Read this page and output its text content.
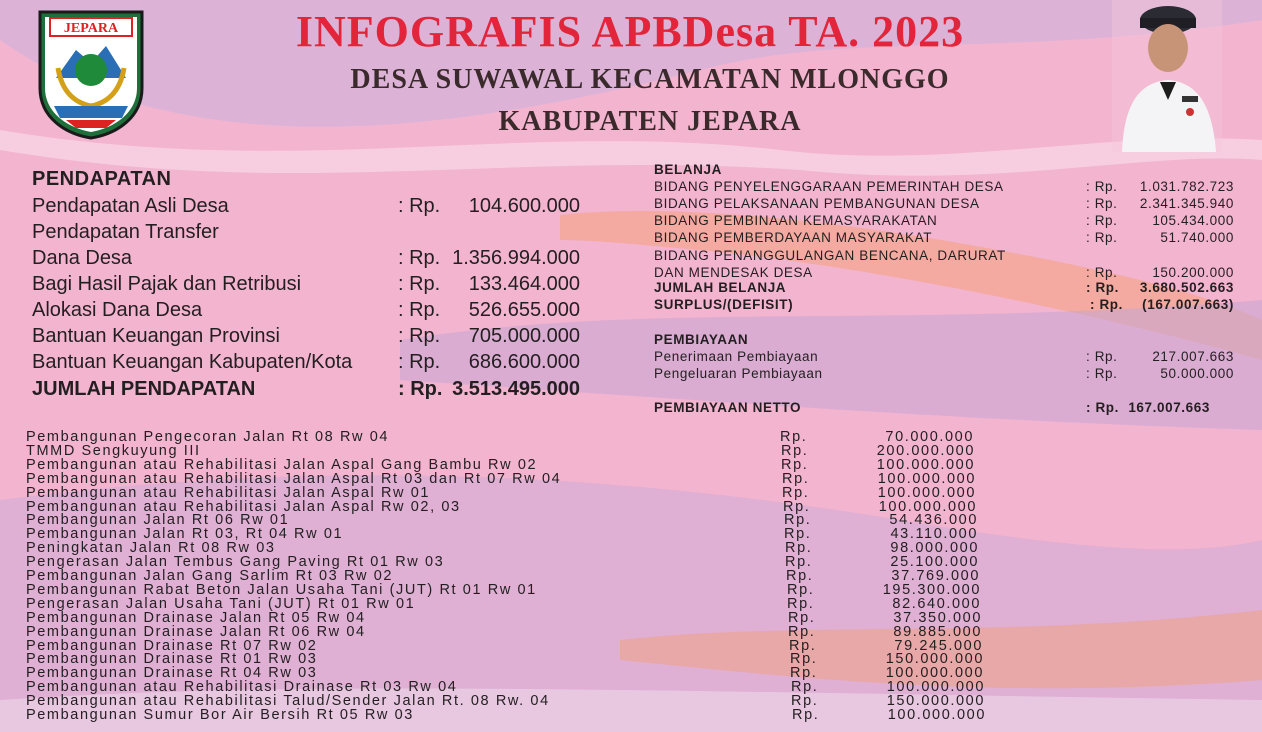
JEPARA	INFOGRAFIS APBDesa TA. 2023
DESA SUWAWAL KECAMATAN MLONGGO
KABUPATEN JEPARA
PENDAPATAN
Pendapatan Asli Desa	: Rp. 104.600.000
Pendapatan Transfer
Dana Desa	: Rp. 1.356.994.000
Bagi Hasil Pajak dan Retribusi	: Rp. 133.464.000
Alokasi Dana Desa	: Rp. 526.655.000
Bantuan Keuangan Provinsi	: Rp. 705.000.000
Bantuan Keuangan Kabupaten/Kota : Rp. 686.600.000
JUMLAH PENDAPATAN	: Rp. 3.513.495.000
BELANJA
BIDANG PENYELENGGARAAN PEMERINTAH DESA	: Rp. 1.031.782.723
BIDANG PELAKSANAAN PEMBANGUNAN DESA	: Rp. 2.341.345.940
BIDANG PEMBINAAN KEMASYARAKATAN	: Rp.	105.434.000
BIDANG PEMBERDAYAAN MASYARAKAT	: Rp.	51.740.000
BIDANG PENANGGULANGAN BENCANA, DARURAT
DAN MENDESAK DESA	: Rp.	150.200.000
JUMLAH BELANJA	: Rp. 3.680.502.663
SURPLUS/(DEFISIT)	: Rp. (167.007.663)
PEMBIAYAAN
Penerimaan Pembiayaan	: Rp.	217.007.663
Pengeluaran Pembiayaan	: Rp.	50.000.000
PEMBIAYAAN NETTO	: Rp. 167.007.663
Pembangunan Pengecoran Jalan Rt 08 Rw 04	Rp.	70.000.000
TMMD Sengkuyung III	Rp.	200.000.000
Pembangunan atau Rehabilitasi Jalan Aspal Gang Bambu Rw 02	Rp.	100.000.000
Pembangunan atau Rehabilitasi Jalan Aspal Rt 03 dan Rt 07 Rw 04	Rp.	100.000.000
Pembangunan atau Rehabilitasi Jalan Aspal Rw 01	Rp.	100.000.000
Pembangunan atau Rehabilitasi Jalan Aspal Rw 02, 03	Rp.	100.000.000
Pembangunan Jalan Rt 06 Rw 01	Rp.	54.436.000
Pembangunan Jalan Rt 03, Rt 04 Rw 01	Rp.	43.110.000
Peningkatan Jalan Rt 08 Rw 03	Rp.	98.000.000
Pengerasan Jalan Tembus Gang Paving Rt 01 Rw 03	Rp.	25.100.000
Pembangunan Jalan Gang Sarlim Rt 03 Rw 02	Rp.	37.769.000
Pembangunan Rabat Beton Jalan Usaha Tani (JUT) Rt 01 Rw 01	Rp.	195.300.000
Pengerasan Jalan Usaha Tani (JUT) Rt 01 Rw 01	Rp.	82.640.000
Pembangunan Drainase Jalan Rt 05 Rw 04	Rp.	37.350.000
Pembangunan Drainase Jalan Rt 06 Rw 04	Rp.	89.885.000
Pembangunan Drainase Rt 07 Rw 02	Rp.	79.245.000
Pembangunan Drainase Rt 01 Rw 03	Rp.	150.000.000
Pembangunan Drainase Rt 04 Rw 03	Rp.	100.000.000
Pembangunan atau Rehabilitasi Drainase Rt 03 Rw 04	Rp.	100.000.000
Pembangunan atau Rehabilitasi Talud/Sender Jalan Rt. 08 Rw. 04	Rp.	150.000.000
Pembangunan Sumur Bor Air Bersih Rt 05 Rw 03	Rp.	100.000.000
